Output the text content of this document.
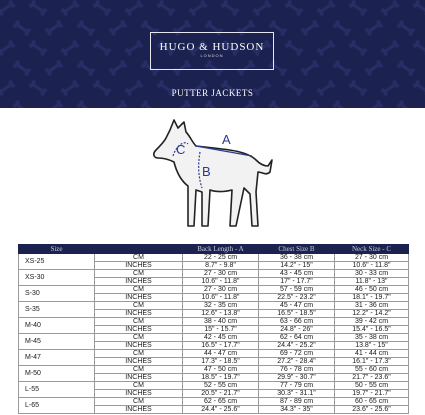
HUGO & HUDSON
LONDON
PUTTER JACKETS
A
B
C
Size		Back Length - A	Chest Size B	Neck Size - C
XS-25	CM	22 - 25 cm	36 - 38 cm	27 - 30 cm
	INCHES	8.7" - 9.8"	14.2" - 15"	10.6" - 11.8"
XS-30	CM	27 - 30 cm	43 - 45 cm	30 - 33 cm
	INCHES	10.6" - 11.8"	17" - 17.7"	11.8" - 13"
S-30	CM	27 - 30 cm	57 - 59 cm	46 - 50 cm
	INCHES	10.6" - 11.8"	22.5" - 23.2"	18.1" - 19.7"
S-35	CM	32 - 35 cm	45 - 47 cm	31 - 36 cm
	INCHES	12.6" - 13.8"	16.5" - 18.5"	12.2" - 14.2"
M-40	CM	38 - 40 cm	63 - 66 cm	39 - 42 cm
	INCHES	15" - 15.7"	24.8" - 26"	15.4" - 16.5"
M-45	CM	42 - 45 cm	62 - 64 cm	35 - 38 cm
	INCHES	16.5" - 17.7"	24.4" - 25.2"	13.8" - 15"
M-47	CM	44 - 47 cm	69 - 72 cm	41 - 44 cm
	INCHES	17.3" - 18.5"	27.2" - 28.4"	16.1" - 17.3"
M-50	CM	47 - 50 cm	76 - 78 cm	55 - 60 cm
	INCHES	18.5" - 19.7"	29.9" - 30.7"	21.7" - 23.6"
L-55	CM	52 - 55 cm	77 - 79 cm	50 - 55 cm
	INCHES	20.5" - 21.7"	30.3" - 31.1"	19.7" - 21.7"
L-65	CM	62 - 65 cm	87 - 89 cm	60 - 65 cm
	INCHES	24.4" - 25.6"	34.3" - 35"	23.6" - 25.6"
